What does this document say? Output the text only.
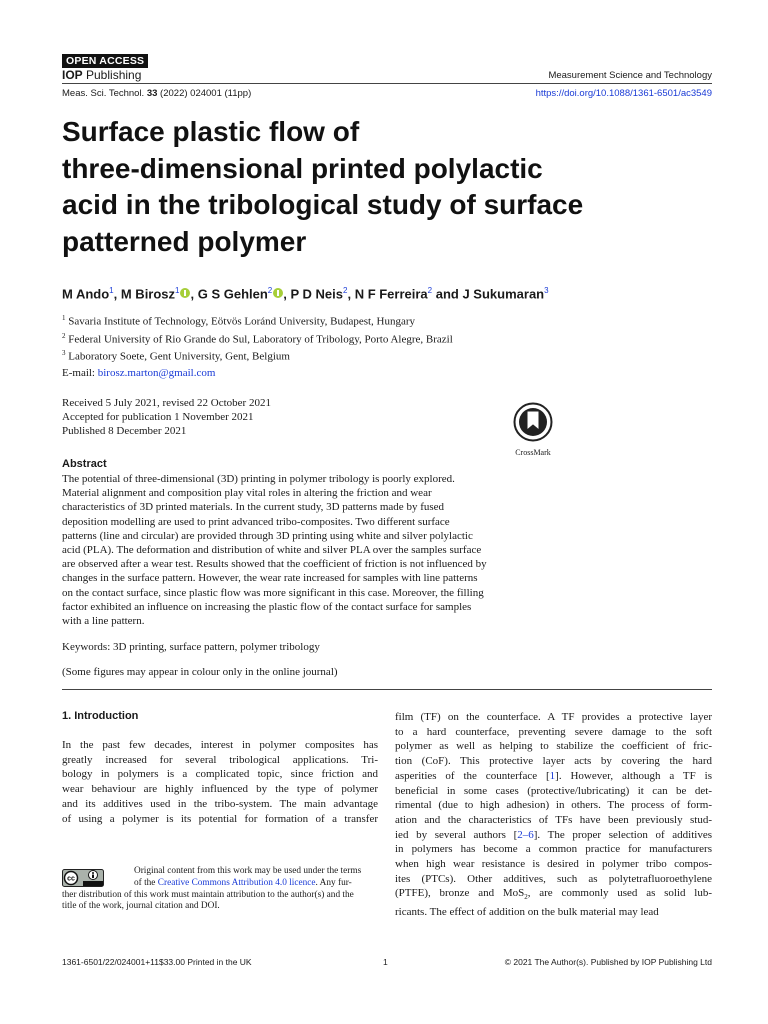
OPEN ACCESS
IOP Publishing	Measurement Science and Technology
Meas. Sci. Technol. 33 (2022) 024001 (11pp)	https://doi.org/10.1088/1361-6501/ac3549
Surface plastic flow of
three-dimensional printed polylactic
acid in the tribological study of surface
patterned polymer
M Ando$^1$, M Birosz$^1$ , G S Gehlen$^2$ , P D Neis$^2$, N F Ferreira$^2$ and J Sukumaran$^3$
$^1$ Savaria Institute of Technology, Eötvös Loránd University, Budapest, Hungary
$^2$ Federal University of Rio Grande do Sul, Laboratory of Tribology, Porto Alegre, Brazil
$^3$ Laboratory Soete, Gent University, Gent, Belgium
E-mail: birosz.marton@gmail.com
Received 5 July 2021, revised 22 October 2021
Accepted for publication 1 November 2021
Published 8 December 2021
CrossMark
Abstract
The potential of three-dimensional (3D) printing in polymer tribology is poorly explored.
Material alignment and composition play vital roles in altering the friction and wear
characteristics of 3D printed materials. In the current study, 3D patterns made by fused
deposition modelling are used to print advanced tribo-composites. Two different surface
patterns (line and circular) are provided through 3D printing using white and silver polylactic
acid (PLA). The deformation and distribution of white and silver PLA over the samples surface
are observed after a wear test. Results showed that the coefficient of friction is not influenced by
changes in the surface pattern. However, the wear rate increased for samples with line patterns
on the contact surface, since plastic flow was more significant in this case. Moreover, the filling
factor exhibited an influence on increasing the plastic flow of the contact surface for samples
with a line pattern.
Keywords: 3D printing, surface pattern, polymer tribology
(Some figures may appear in colour only in the online journal)
1. Introduction
In the past few decades, interest in polymer composites has
greatly increased for several tribological applications. Tri-
bology in polymers is a complicated topic, since friction and
wear behaviour are highly influenced by the type of polymer
and its additives used in the tribo-system. The main advantage
of using a polymer is its potential for formation of a transfer
film (TF) on the counterface. A TF provides a protective layer
to a hard counterface, preventing severe damage to the soft
polymer as well as helping to stabilize the coefficient of fric-
tion (CoF). This protective layer acts by covering the hard
asperities of the counterface [1]. However, although a TF is
beneficial in some cases (protective/lubricating) it can be det-
rimental (due to high adhesion) in others. The process of form-
ation and the characteristics of TFs have been previously stud-
ied by several authors [2–6]. The proper selection of additives
in polymers has become a common practice for manufacturers
when high wear resistance is desired in polymer tribo compos-
ites (PTCs). Other additives, such as polytetrafluoroethylene
(PTFE), bronze and MoS$_2$, are commonly used as solid lub-
ricants. The effect of addition on the bulk material may lead
Original content from this work may be used under the terms
of the Creative Commons Attribution 4.0 licence. Any fur-
ther distribution of this work must maintain attribution to the author(s) and the
title of the work, journal citation and DOI.
cc
1361-6501/22/024001+11$33.00 Printed in the UK	1	© 2021 The Author(s). Published by IOP Publishing Ltd
